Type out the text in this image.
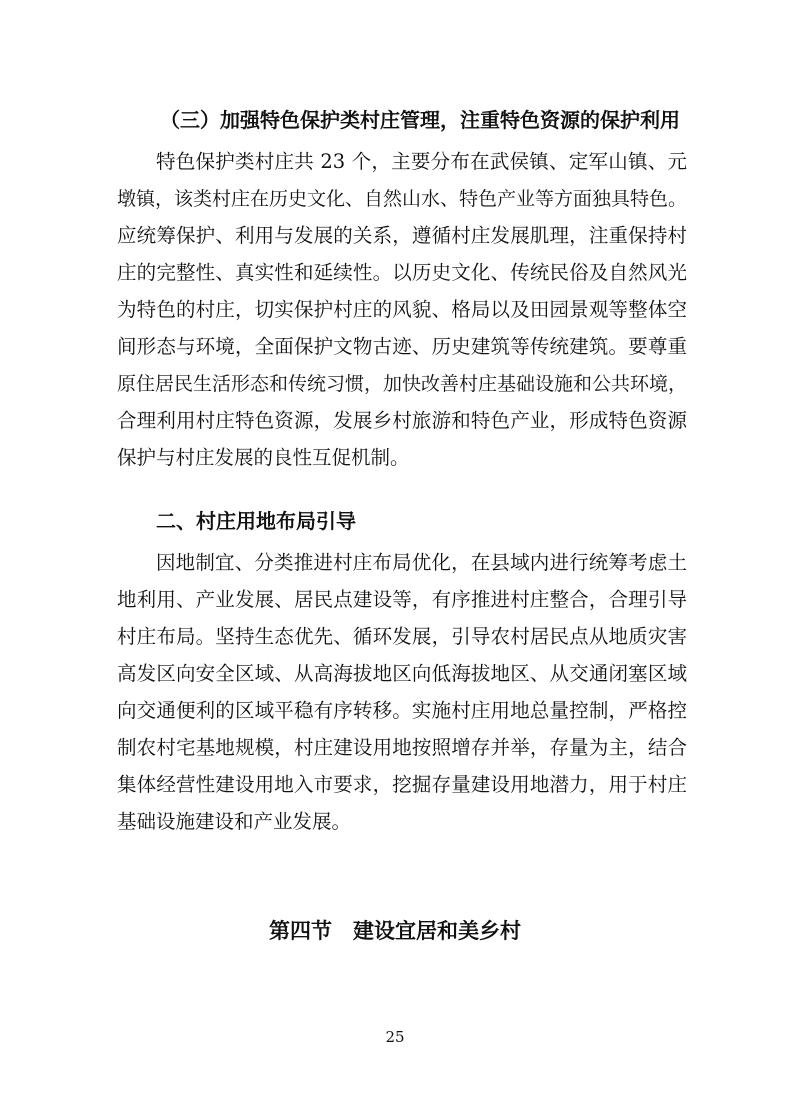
（三）加强特色保护类村庄管理，注重特色资源的保护利用

特色保护类村庄共 23 个，主要分布在武侯镇、定军山镇、元

墩镇，该类村庄在历史文化、自然山水、特色产业等方面独具特色。

应统筹保护、利用与发展的关系，遵循村庄发展肌理，注重保持村

庄的完整性、真实性和延续性。以历史文化、传统民俗及自然风光

为特色的村庄，切实保护村庄的风貌、格局以及田园景观等整体空

间形态与环境，全面保护文物古迹、历史建筑等传统建筑。要尊重

原住居民生活形态和传统习惯，加快改善村庄基础设施和公共环境，

合理利用村庄特色资源，发展乡村旅游和特色产业，形成特色资源

保护与村庄发展的良性互促机制。

二、村庄用地布局引导

因地制宜、分类推进村庄布局优化，在县域内进行统筹考虑土

地利用、产业发展、居民点建设等，有序推进村庄整合，合理引导

村庄布局。坚持生态优先、循环发展，引导农村居民点从地质灾害

高发区向安全区域、从高海拔地区向低海拔地区、从交通闭塞区域

向交通便利的区域平稳有序转移。实施村庄用地总量控制，严格控

制农村宅基地规模，村庄建设用地按照增存并举，存量为主，结合

集体经营性建设用地入市要求，挖掘存量建设用地潜力，用于村庄

基础设施建设和产业发展。

第四节　建设宜居和美乡村
25
